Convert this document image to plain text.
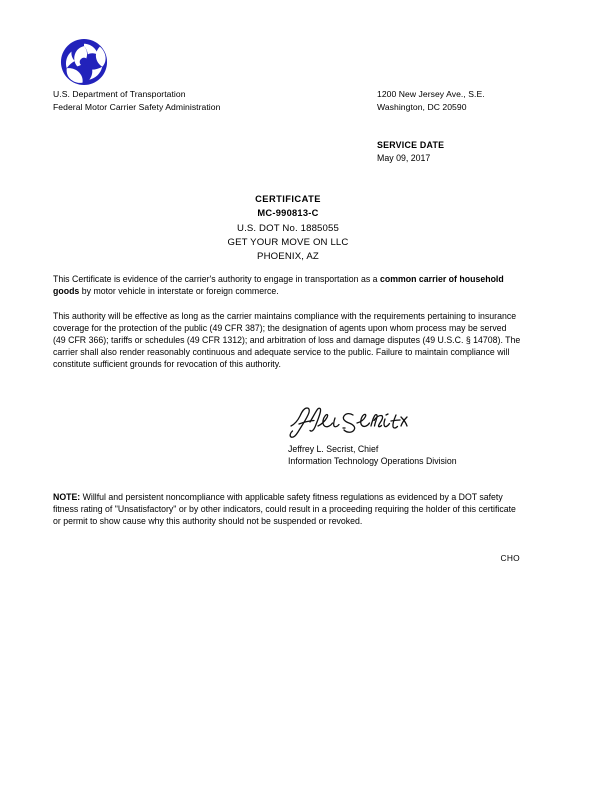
U.S. Department of Transportation
Federal Motor Carrier Safety Administration
1200 New Jersey Ave., S.E.
Washington, DC 20590
SERVICE DATE
May 09, 2017
CERTIFICATE
MC-990813-C
U.S. DOT No. 1885055
GET YOUR MOVE ON LLC
PHOENIX, AZ
This Certificate is evidence of the carrier's authority to engage in transportation as a common carrier of household goods by motor vehicle in interstate or foreign commerce.
This authority will be effective as long as the carrier maintains compliance with the requirements pertaining to insurance coverage for the protection of the public (49 CFR 387); the designation of agents upon whom process may be served (49 CFR 366); tariffs or schedules (49 CFR 1312); and arbitration of loss and damage disputes (49 U.S.C. § 14708). The carrier shall also render reasonably continuous and adequate service to the public. Failure to maintain compliance will constitute sufficient grounds for revocation of this authority.
Jeffrey L. Secrist, Chief
Information Technology Operations Division
NOTE: Willful and persistent noncompliance with applicable safety fitness regulations as evidenced by a DOT safety fitness rating of "Unsatisfactory" or by other indicators, could result in a proceeding requiring the holder of this certificate or permit to show cause why this authority should not be suspended or revoked.
CHO
